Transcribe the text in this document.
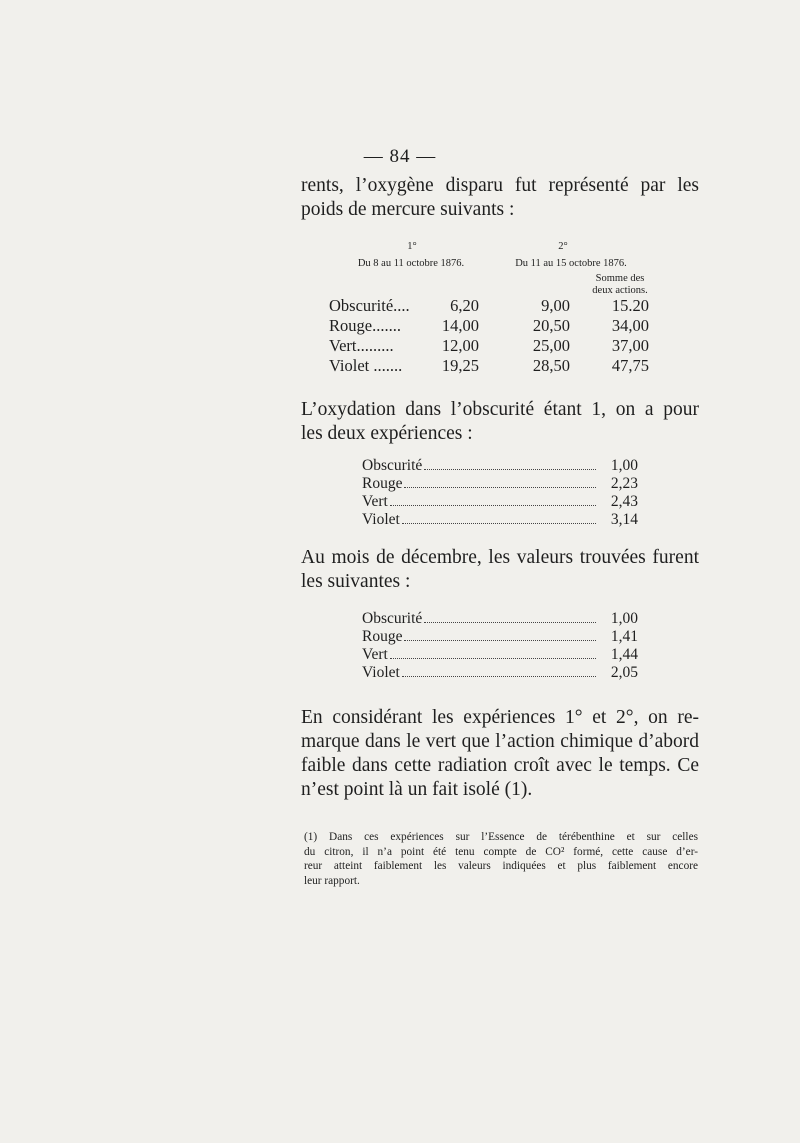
— 84 —
rents, l’oxygène disparu fut représenté par les
poids de mercure suivants :
1°
Du 8 au 11 octobre 1876.
2°
Du 11 au 15 octobre 1876.
Somme des
deux actions.
Obscurité....	6,20	9,00	15.20
Rouge....... 14,00	20,50	34,00
Vert.........	12,00	25,00	37,00
Violet ....... 19,25	28,50	47,75
L’oxydation dans l’obscurité étant 1, on a pour
les deux expériences :
Obscurité	1,00
Rouge	2,23
Vert	2,43
Violet	3,14
Au mois de décembre, les valeurs trouvées furent
les suivantes :
Obscurité	1,00
Rouge	1,41
Vert	1,44
Violet	2,05
En considérant les expériences 1° et 2°, on re-
marque dans le vert que l’action chimique d’abord
faible dans cette radiation croît avec le temps. Ce
n’est point là un fait isolé (1).
(1) Dans ces expériences sur l’Essence de térébenthine et sur celles
du citron, il n’a point été tenu compte de CO² formé, cette cause d’er-
reur atteint faiblement les valeurs indiquées et plus faiblement encore
leur rapport.
